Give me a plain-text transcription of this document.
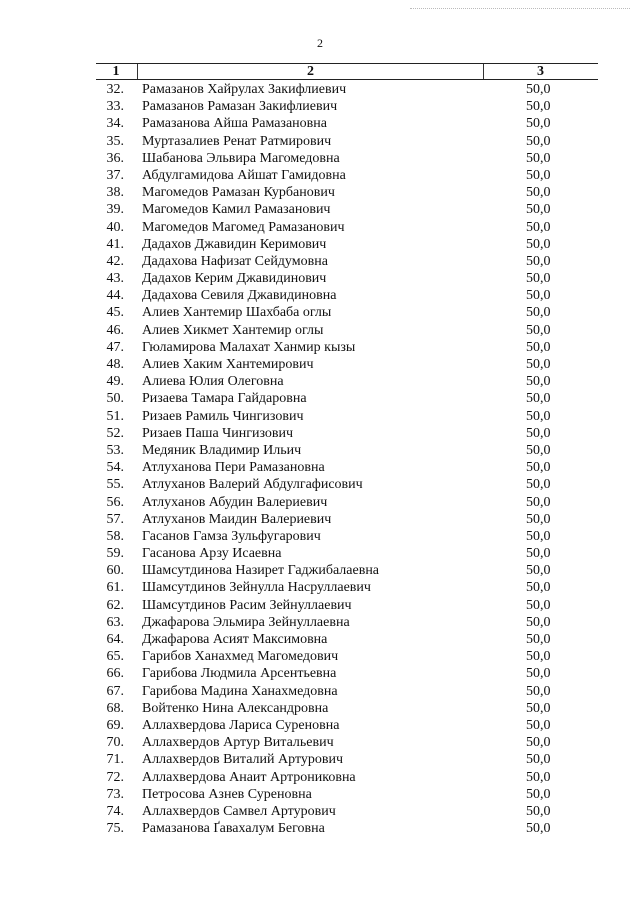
2
1	2	3
32. Рамазанов Хайрулах Закифлиевич	50,0
33. Рамазанов Рамазан Закифлиевич	50,0
34. Рамазанова Айша Рамазановна	50,0
35. Муртазалиев Ренат Ратмирович	50,0
36. Шабанова Эльвира Магомедовна	50,0
37. Абдулгамидова Айшат Гамидовна	50,0
38. Магомедов Рамазан Курбанович	50,0
39. Магомедов Камил Рамазанович	50,0
40. Магомедов Магомед Рамазанович	50,0
41. Дадахов Джавидин Керимович	50,0
42. Дадахова Нафизат Сейдумовна	50,0
43. Дадахов Керим Джавидинович	50,0
44. Дадахова Севиля Джавидиновна	50,0
45. Алиев Хантемир Шахбаба оглы	50,0
46. Алиев Хикмет Хантемир оглы	50,0
47. Гюламирова Малахат Ханмир кызы	50,0
48. Алиев Хаким Хантемирович	50,0
49. Алиева Юлия Олеговна	50,0
50. Ризаева Тамара Гайдаровна	50,0
51. Ризаев Рамиль Чингизович	50,0
52. Ризаев Паша Чингизович	50,0
53. Медяник Владимир Ильич	50,0
54. Атлуханова Пери Рамазановна	50,0
55. Атлуханов Валерий Абдулгафисович	50,0
56. Атлуханов Абудин Валериевич	50,0
57. Атлуханов Маидин Валериевич	50,0
58. Гасанов Гамза Зульфугарович	50,0
59. Гасанова Арзу Исаевна	50,0
60. Шамсутдинова Назирет Гаджибалаевна	50,0
61. Шамсутдинов Зейнулла Насруллаевич	50,0
62. Шамсутдинов Расим Зейнуллаевич	50,0
63. Джафарова Эльмира Зейнуллаевна	50,0
64. Джафарова Асият Максимовна	50,0
65. Гарибов Ханахмед Магомедович	50,0
66. Гарибова Людмила Арсентьевна	50,0
67. Гарибова Мадина Ханахмедовна	50,0
68. Войтенко Нина Александровна	50,0
69. Аллахвердова Лариса Суреновна	50,0
70. Аллахвердов Артур Витальевич	50,0
71. Аллахвердов Виталий Артурович	50,0
72. Аллахвердова Анаит Артрониковна	50,0
73. Петросова Азнев Суреновна	50,0
74. Аллахвердов Самвел Артурович	50,0
75. Рамазанова Ґавахалум Беговна	50,0
